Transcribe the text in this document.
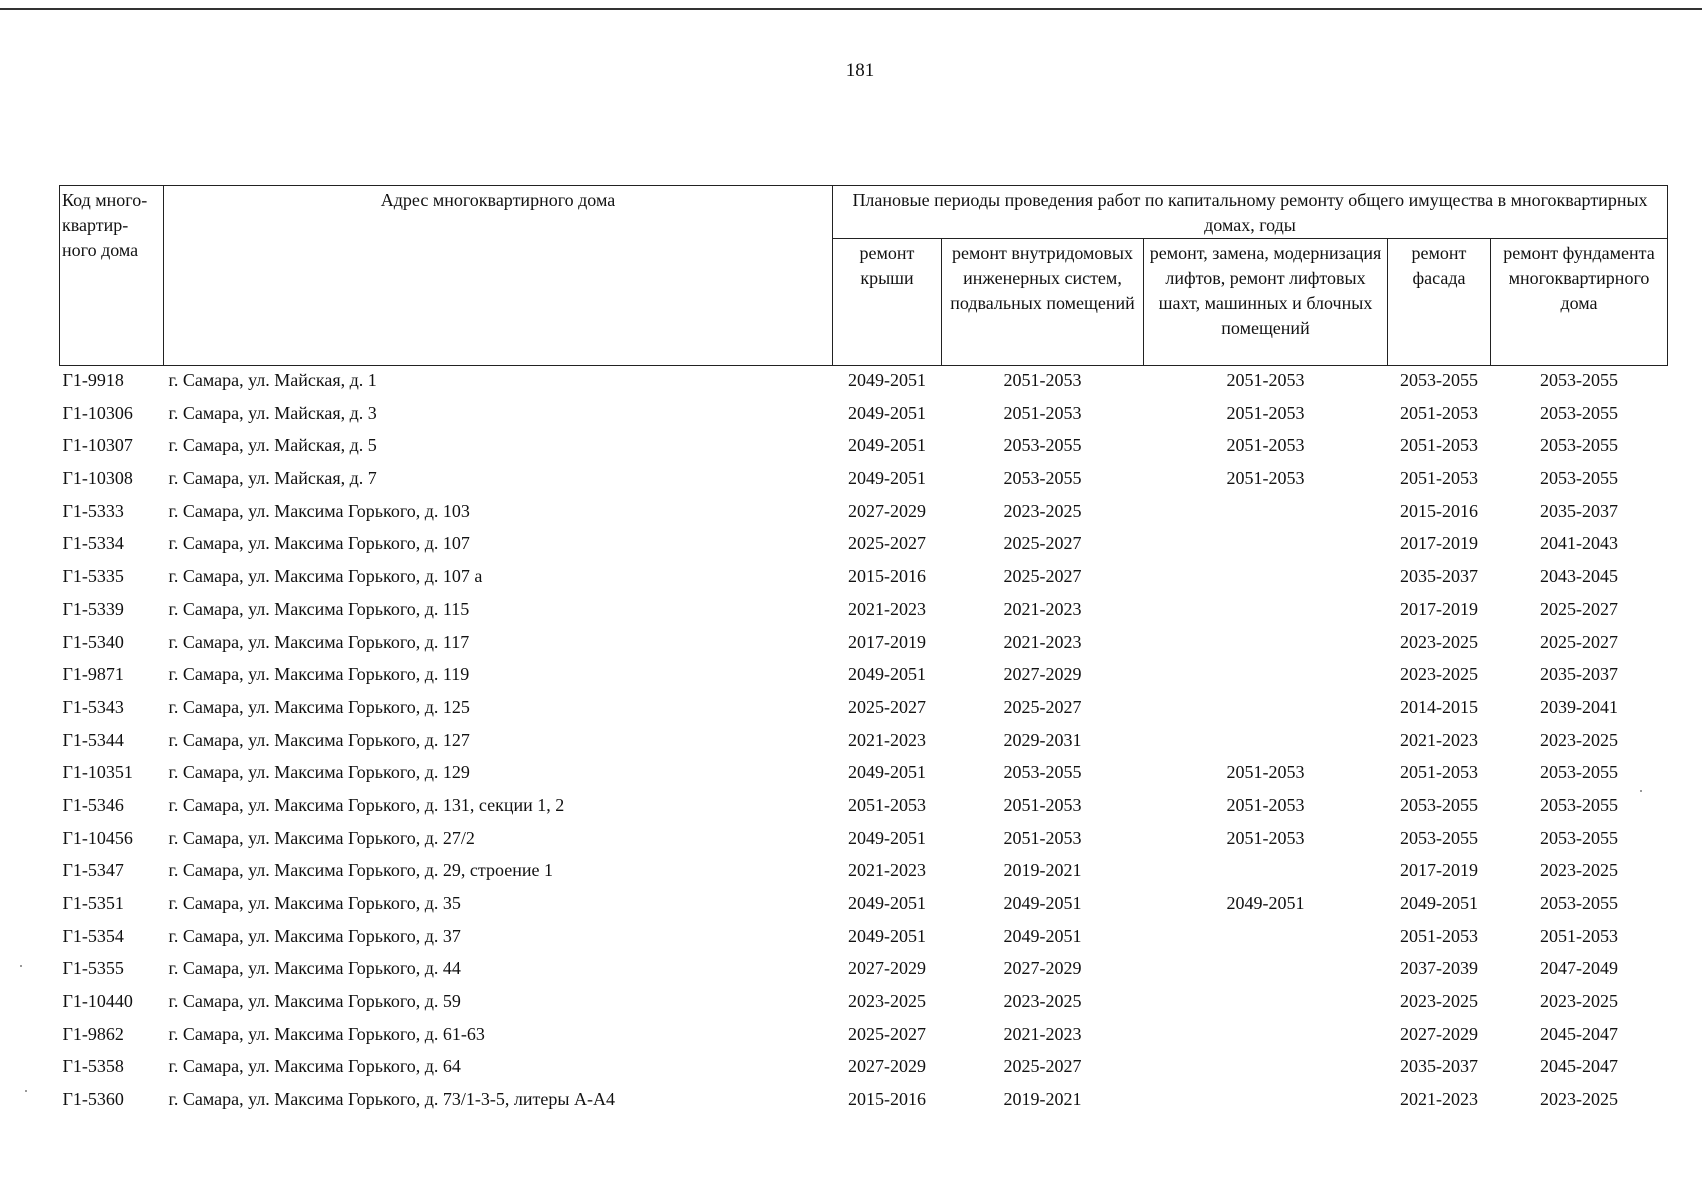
181
Код много-квартир-ного дома	Адрес многоквартирного дома	Плановые периоды проведения работ по капитальному ремонту общего имущества в многоквартирных домах, годы				
		ремонт крыши	ремонт внутридомовых инженерных систем, подвальных помещений	ремонт, замена, модернизация лифтов, ремонт лифтовых шахт, машинных и блочных помещений	ремонт фасада	ремонт фундамента многоквартирного дома
Г1-9918	г. Самара, ул. Майская, д. 1	2049-2051	2051-2053	2051-2053	2053-2055	2053-2055
Г1-10306	г. Самара, ул. Майская, д. 3	2049-2051	2051-2053	2051-2053	2051-2053	2053-2055
Г1-10307	г. Самара, ул. Майская, д. 5	2049-2051	2053-2055	2051-2053	2051-2053	2053-2055
Г1-10308	г. Самара, ул. Майская, д. 7	2049-2051	2053-2055	2051-2053	2051-2053	2053-2055
Г1-5333	г. Самара, ул. Максима Горького, д. 103	2027-2029	2023-2025		2015-2016	2035-2037
Г1-5334	г. Самара, ул. Максима Горького, д. 107	2025-2027	2025-2027		2017-2019	2041-2043
Г1-5335	г. Самара, ул. Максима Горького, д. 107 а	2015-2016	2025-2027		2035-2037	2043-2045
Г1-5339	г. Самара, ул. Максима Горького, д. 115	2021-2023	2021-2023		2017-2019	2025-2027
Г1-5340	г. Самара, ул. Максима Горького, д. 117	2017-2019	2021-2023		2023-2025	2025-2027
Г1-9871	г. Самара, ул. Максима Горького, д. 119	2049-2051	2027-2029		2023-2025	2035-2037
Г1-5343	г. Самара, ул. Максима Горького, д. 125	2025-2027	2025-2027		2014-2015	2039-2041
Г1-5344	г. Самара, ул. Максима Горького, д. 127	2021-2023	2029-2031		2021-2023	2023-2025
Г1-10351	г. Самара, ул. Максима Горького, д. 129	2049-2051	2053-2055	2051-2053	2051-2053	2053-2055
Г1-5346	г. Самара, ул. Максима Горького, д. 131, секции 1, 2	2051-2053	2051-2053	2051-2053	2053-2055	2053-2055
Г1-10456	г. Самара, ул. Максима Горького, д. 27/2	2049-2051	2051-2053	2051-2053	2053-2055	2053-2055
Г1-5347	г. Самара, ул. Максима Горького, д. 29, строение 1	2021-2023	2019-2021		2017-2019	2023-2025
Г1-5351	г. Самара, ул. Максима Горького, д. 35	2049-2051	2049-2051	2049-2051	2049-2051	2053-2055
Г1-5354	г. Самара, ул. Максима Горького, д. 37	2049-2051	2049-2051		2051-2053	2051-2053
Г1-5355	г. Самара, ул. Максима Горького, д. 44	2027-2029	2027-2029		2037-2039	2047-2049
Г1-10440	г. Самара, ул. Максима Горького, д. 59	2023-2025	2023-2025		2023-2025	2023-2025
Г1-9862	г. Самара, ул. Максима Горького, д. 61-63	2025-2027	2021-2023		2027-2029	2045-2047
Г1-5358	г. Самара, ул. Максима Горького, д. 64	2027-2029	2025-2027		2035-2037	2045-2047
Г1-5360	г. Самара, ул. Максима Горького, д. 73/1-3-5, литеры А-А4	2015-2016	2019-2021		2021-2023	2023-2025
